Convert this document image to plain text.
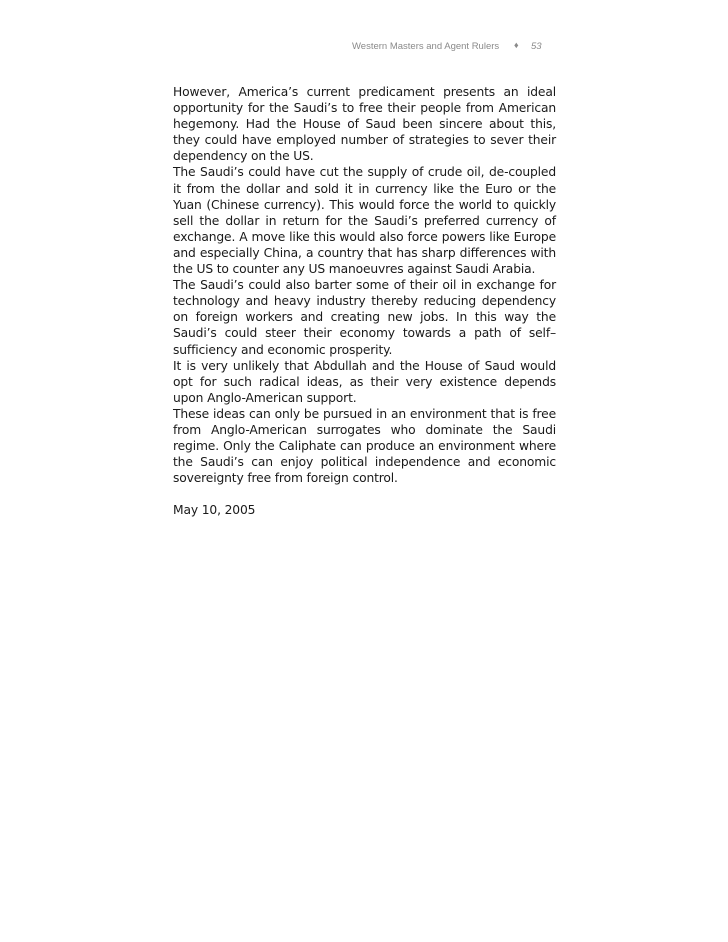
Western Masters and Agent Rulers ♦ 53

However, America’s current predicament presents an ideal opportunity for the Saudi’s to free their people from American hegemony. Had the House of Saud been sincere about this, they could have employed number of strategies to sever their dependency on the US.

The Saudi’s could have cut the supply of crude oil, de-coupled it from the dollar and sold it in currency like the Euro or the Yuan (Chinese currency). This would force the world to quickly sell the dollar in return for the Saudi’s preferred currency of exchange. A move like this would also force powers like Europe and especially China, a country that has sharp differences with the US to counter any US manoeuvres against Saudi Arabia.

The Saudi’s could also barter some of their oil in exchange for technology and heavy industry thereby reducing dependency on foreign workers and creating new jobs. In this way the Saudi’s could steer their economy towards a path of self–sufficiency and economic prosperity.

It is very unlikely that Abdullah and the House of Saud would opt for such radical ideas, as their very existence depends upon Anglo-American support.

These ideas can only be pursued in an environment that is free from Anglo-American surrogates who dominate the Saudi regime. Only the Caliphate can produce an environment where the Saudi’s can enjoy political independence and economic sovereignty free from foreign control.

May 10, 2005
